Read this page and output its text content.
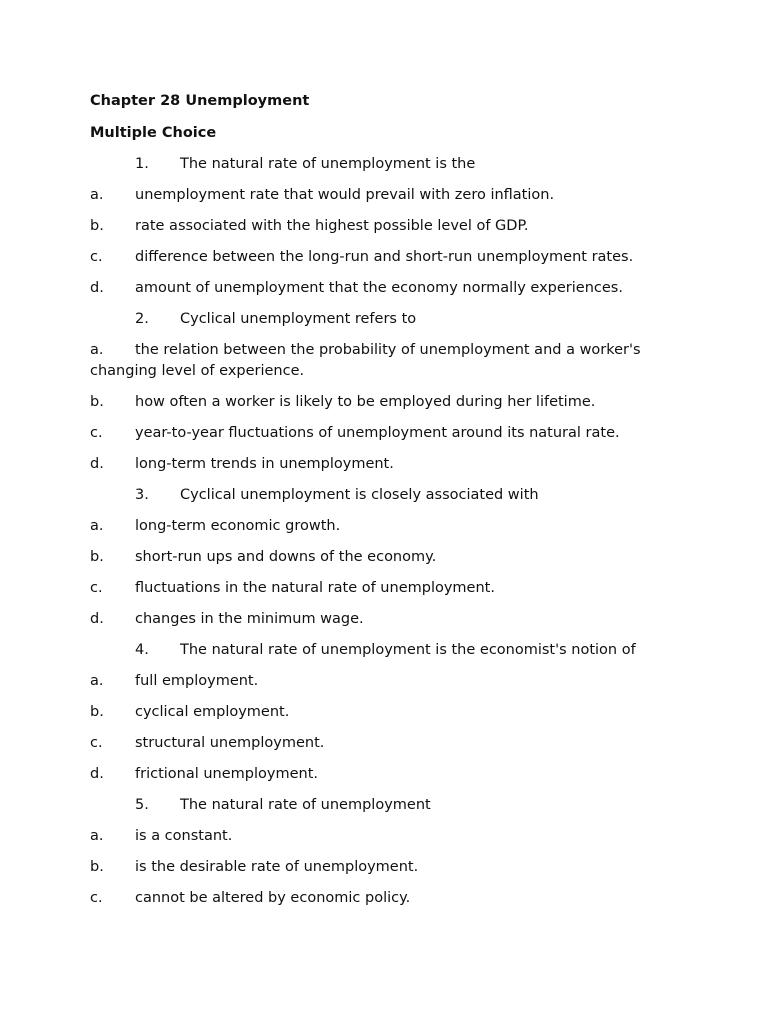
Chapter 28 Unemployment
Multiple Choice
1. The natural rate of unemployment is the
a. unemployment rate that would prevail with zero inflation.
b. rate associated with the highest possible level of GDP.
c. difference between the long-run and short-run unemployment rates.
d. amount of unemployment that the economy normally experiences.
2. Cyclical unemployment refers to
a. the relation between the probability of unemployment and a worker's changing level of experience.
b. how often a worker is likely to be employed during her lifetime.
c. year-to-year fluctuations of unemployment around its natural rate.
d. long-term trends in unemployment.
3. Cyclical unemployment is closely associated with
a. long-term economic growth.
b. short-run ups and downs of the economy.
c. fluctuations in the natural rate of unemployment.
d. changes in the minimum wage.
4. The natural rate of unemployment is the economist's notion of
a. full employment.
b. cyclical employment.
c. structural unemployment.
d. frictional unemployment.
5. The natural rate of unemployment
a. is a constant.
b. is the desirable rate of unemployment.
c. cannot be altered by economic policy.
